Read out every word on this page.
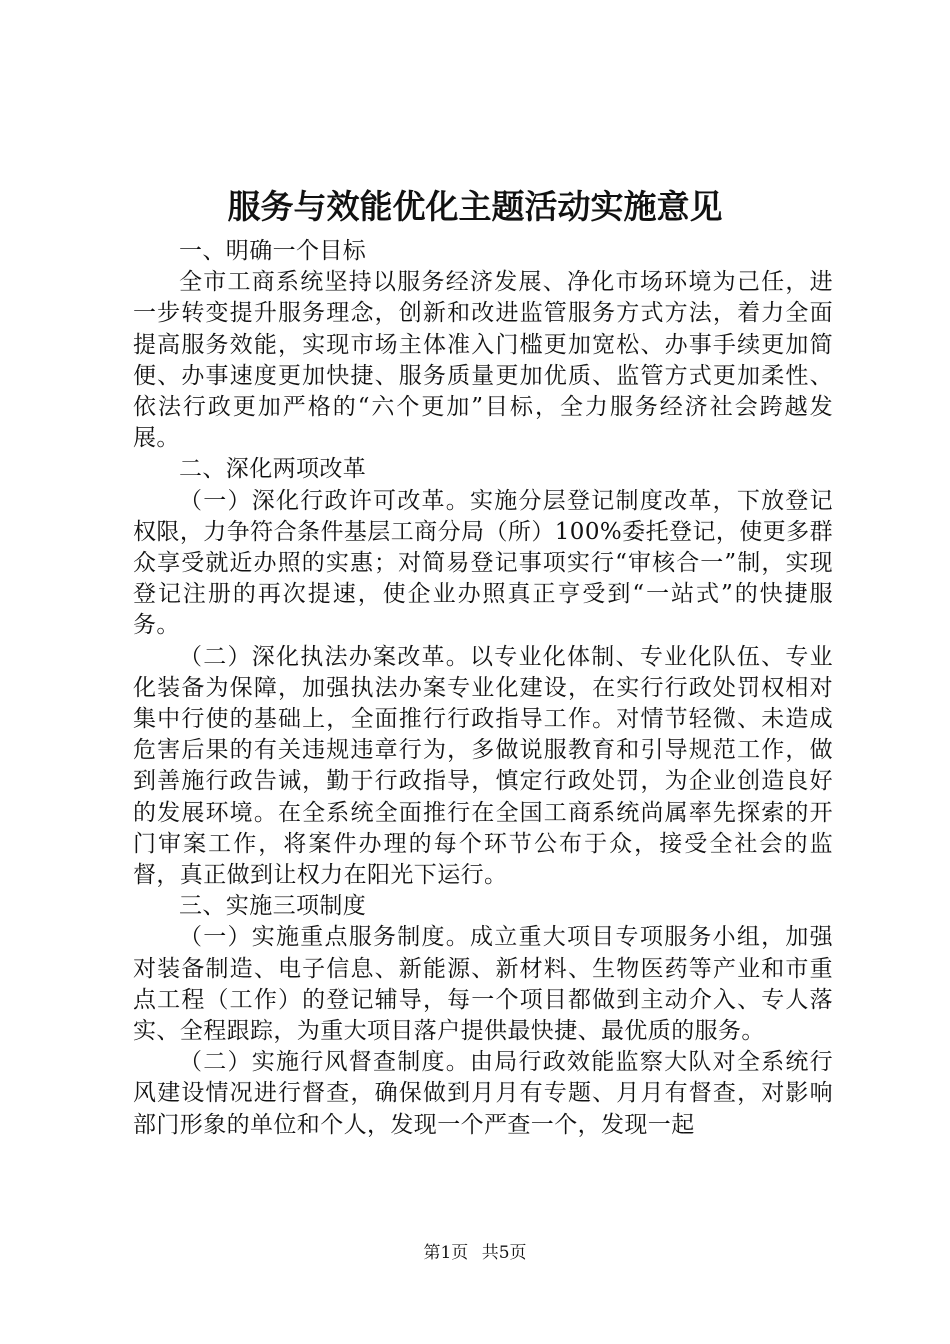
服务与效能优化主题活动实施意见

一、明确一个目标

全市工商系统坚持以服务经济发展、净化市场环境为己任，进一步转变提升服务理念，创新和改进监管服务方式方法，着力全面提高服务效能，实现市场主体准入门槛更加宽松、办事手续更加简便、办事速度更加快捷、服务质量更加优质、监管方式更加柔性、依法行政更加严格的“六个更加”目标，全力服务经济社会跨越发展。

二、深化两项改革

（一）深化行政许可改革。实施分层登记制度改革，下放登记权限，力争符合条件基层工商分局（所）100%委托登记，使更多群众享受就近办照的实惠；对简易登记事项实行“审核合一”制，实现登记注册的再次提速，使企业办照真正亨受到“一站式”的快捷服务。

（二）深化执法办案改革。以专业化体制、专业化队伍、专业化装备为保障，加强执法办案专业化建设，在实行行政处罚权相对集中行使的基础上，全面推行行政指导工作。对情节轻微、未造成危害后果的有关违规违章行为，多做说服教育和引导规范工作，做到善施行政告诫，勤于行政指导，慎定行政处罚，为企业创造良好的发展环境。在全系统全面推行在全国工商系统尚属率先探索的开门审案工作，将案件办理的每个环节公布于众，接受全社会的监督，真正做到让权力在阳光下运行。

三、实施三项制度

（一）实施重点服务制度。成立重大项目专项服务小组，加强对装备制造、电子信息、新能源、新材料、生物医药等产业和市重点工程（工作）的登记辅导，每一个项目都做到主动介入、专人落实、全程跟踪，为重大项目落户提供最快捷、最优质的服务。

（二）实施行风督查制度。由局行政效能监察大队对全系统行风建设情况进行督查，确保做到月月有专题、月月有督查，对影响部门形象的单位和个人，发现一个严查一个，发现一起

第1页 共5页
